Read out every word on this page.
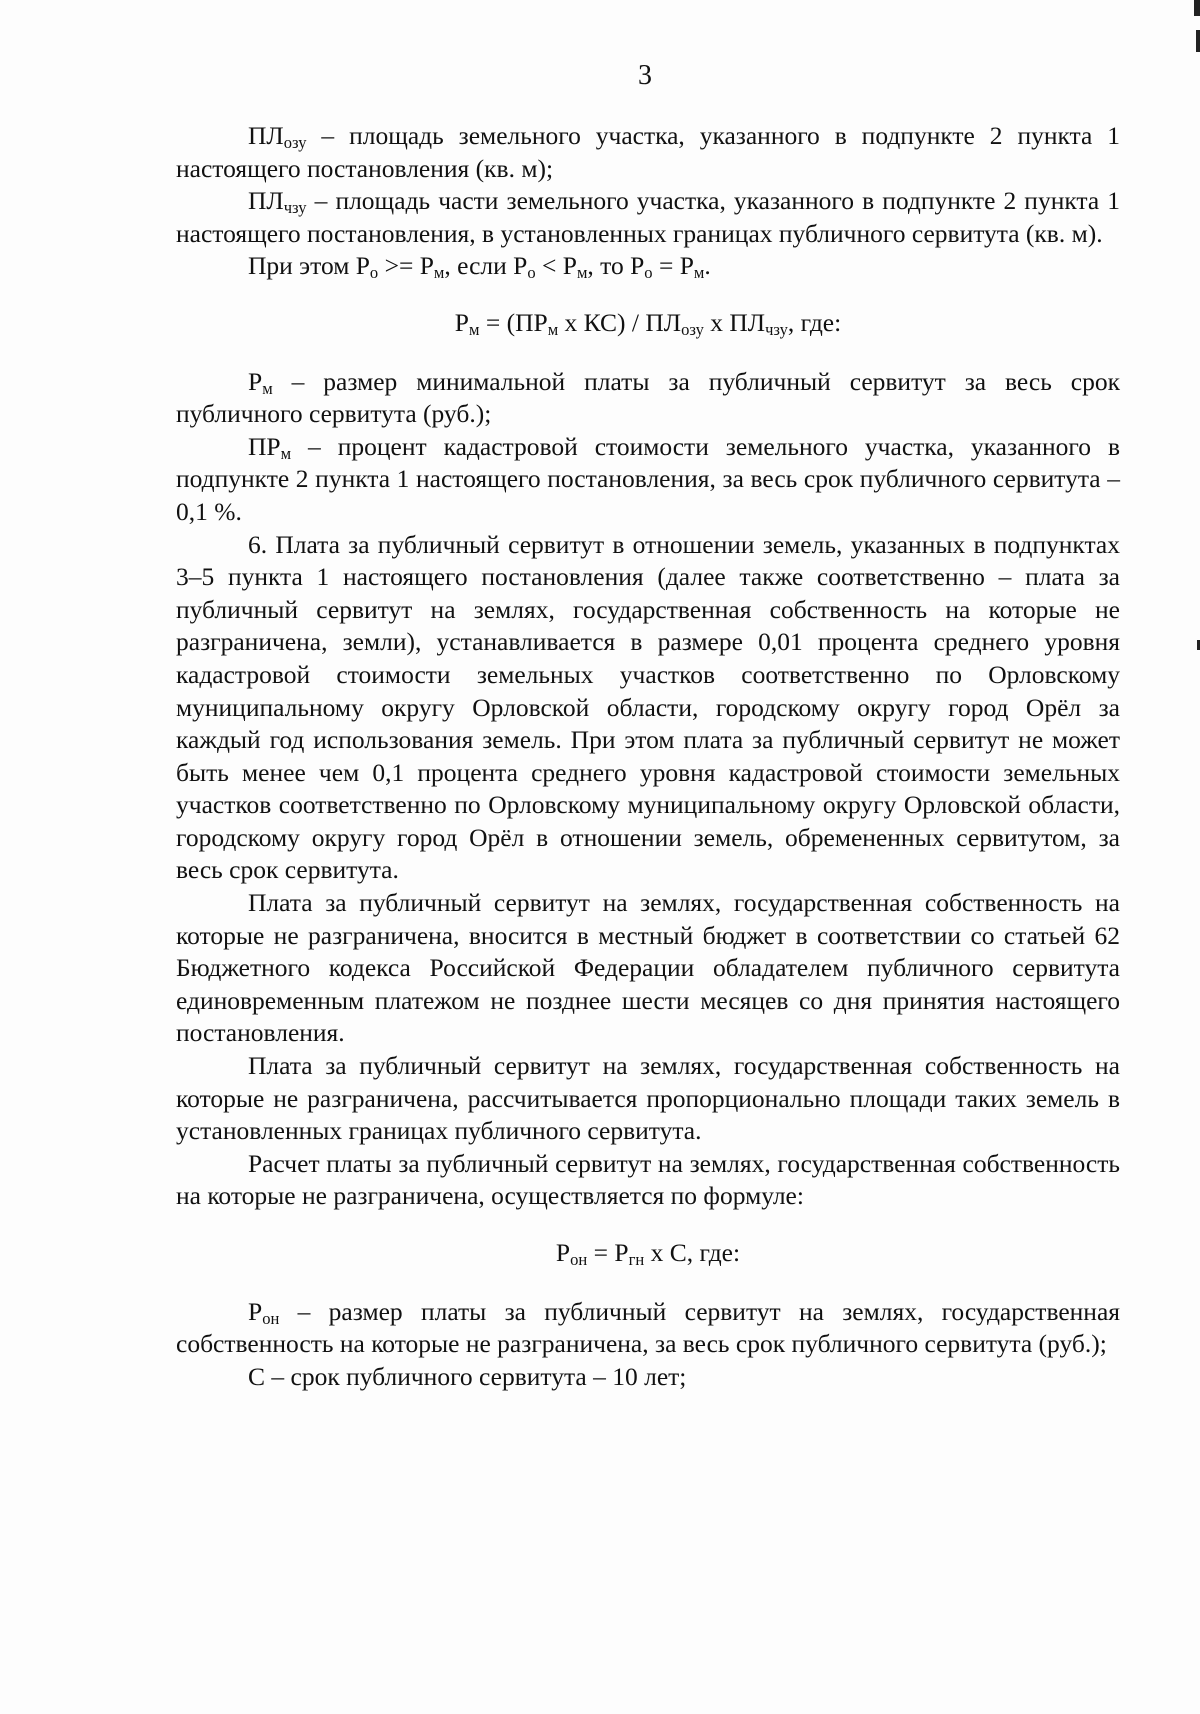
3

$ПЛ_{озу}$ – площадь земельного участка, указанного в подпункте 2 пункта 1 настоящего постановления (кв. м);

$ПЛ_{чзу}$ – площадь части земельного участка, указанного в подпункте 2 пункта 1 настоящего постановления, в установленных границах публичного сервитута (кв. м).

При этом $Р_о >= Р_м$, если $Р_о < Р_м$, то $Р_о = Р_м$.

$Р_м = (ПР_м$ х $КС) / ПЛ_{озу}$ х $ПЛ_{чзу}$, где:

$Р_м$ – размер минимальной платы за публичный сервитут за весь срок публичного сервитута (руб.);

$ПР_м$ – процент кадастровой стоимости земельного участка, указанного в подпункте 2 пункта 1 настоящего постановления, за весь срок публичного сервитута – 0,1 %.

6. Плата за публичный сервитут в отношении земель, указанных в подпунктах 3–5 пункта 1 настоящего постановления (далее также соответственно – плата за публичный сервитут на землях, государственная собственность на которые не разграничена, земли), устанавливается в размере 0,01 процента среднего уровня кадастровой стоимости земельных участков соответственно по Орловскому муниципальному округу Орловской области, городскому округу город Орёл за каждый год использования земель. При этом плата за публичный сервитут не может быть менее чем 0,1 процента среднего уровня кадастровой стоимости земельных участков соответственно по Орловскому муниципальному округу Орловской области, городскому округу город Орёл в отношении земель, обремененных сервитутом, за весь срок сервитута.

Плата за публичный сервитут на землях, государственная собственность на которые не разграничена, вносится в местный бюджет в соответствии со статьей 62 Бюджетного кодекса Российской Федерации обладателем публичного сервитута единовременным платежом не позднее шести месяцев со дня принятия настоящего постановления.

Плата за публичный сервитут на землях, государственная собственность на которые не разграничена, рассчитывается пропорционально площади таких земель в установленных границах публичного сервитута.

Расчет платы за публичный сервитут на землях, государственная собственность на которые не разграничена, осуществляется по формуле:

$Р_{он} = Р_{гн}$ х С, где:

$Р_{он}$ – размер платы за публичный сервитут на землях, государственная собственность на которые не разграничена, за весь срок публичного сервитута (руб.);

С – срок публичного сервитута – 10 лет;
